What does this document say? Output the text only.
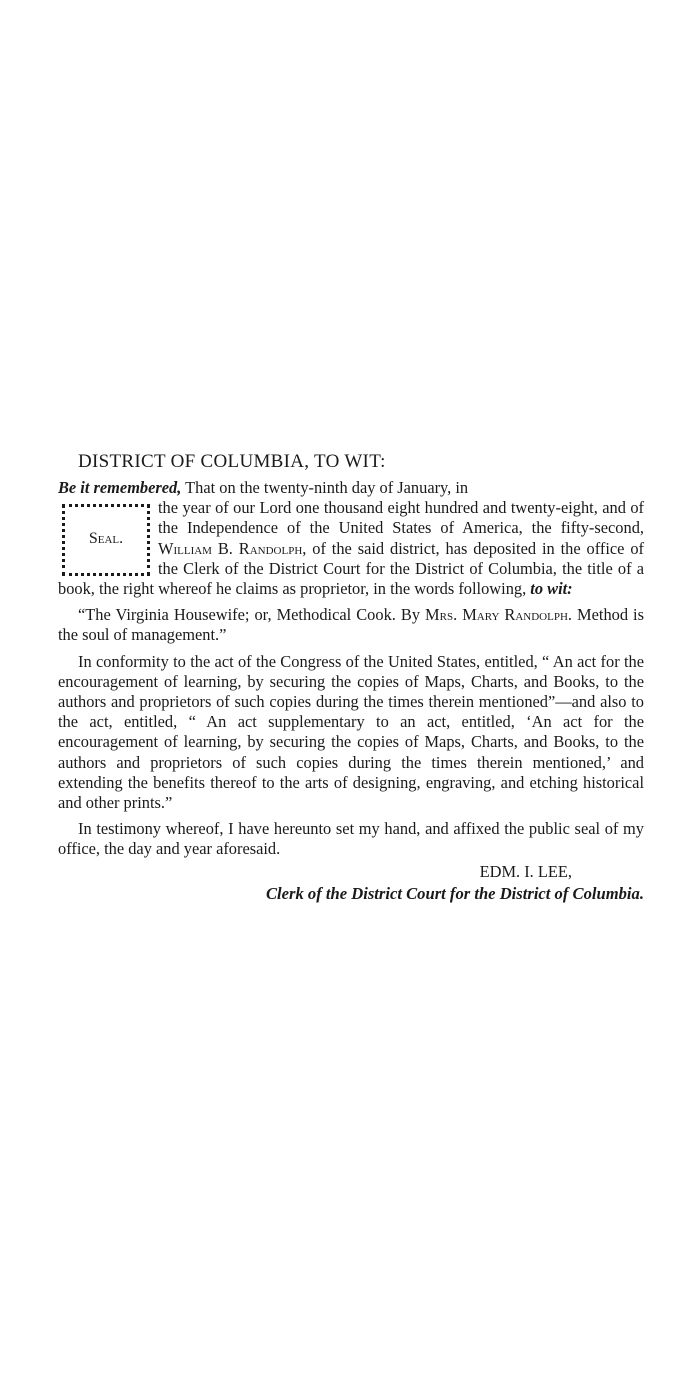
DISTRICT OF COLUMBIA, TO WIT:

Be it remembered, That on the twenty-ninth day of January, in

Seal.

the year of our Lord one thousand eight hundred and twenty-eight, and of the Independence of the United States of America, the fifty-second, William B. Randolph, of the said district, has deposited in the office of the Clerk of the District Court for the District of Columbia, the title of a book, the right whereof he claims as proprietor, in the words following, to wit:

“The Virginia Housewife; or, Methodical Cook. By Mrs. Mary Randolph. Method is the soul of management.”

In conformity to the act of the Congress of the United States, entitled, “ An act for the encouragement of learning, by securing the copies of Maps, Charts, and Books, to the authors and proprietors of such copies during the times therein mentioned”—and also to the act, entitled, “ An act supplementary to an act, entitled, ‘An act for the encouragement of learning, by securing the copies of Maps, Charts, and Books, to the authors and proprietors of such copies during the times therein mentioned,’ and extending the benefits thereof to the arts of designing, engraving, and etching historical and other prints.”

In testimony whereof, I have hereunto set my hand, and affixed the public seal of my office, the day and year aforesaid.

EDM. I. LEE,
Clerk of the District Court for the District of Columbia.
